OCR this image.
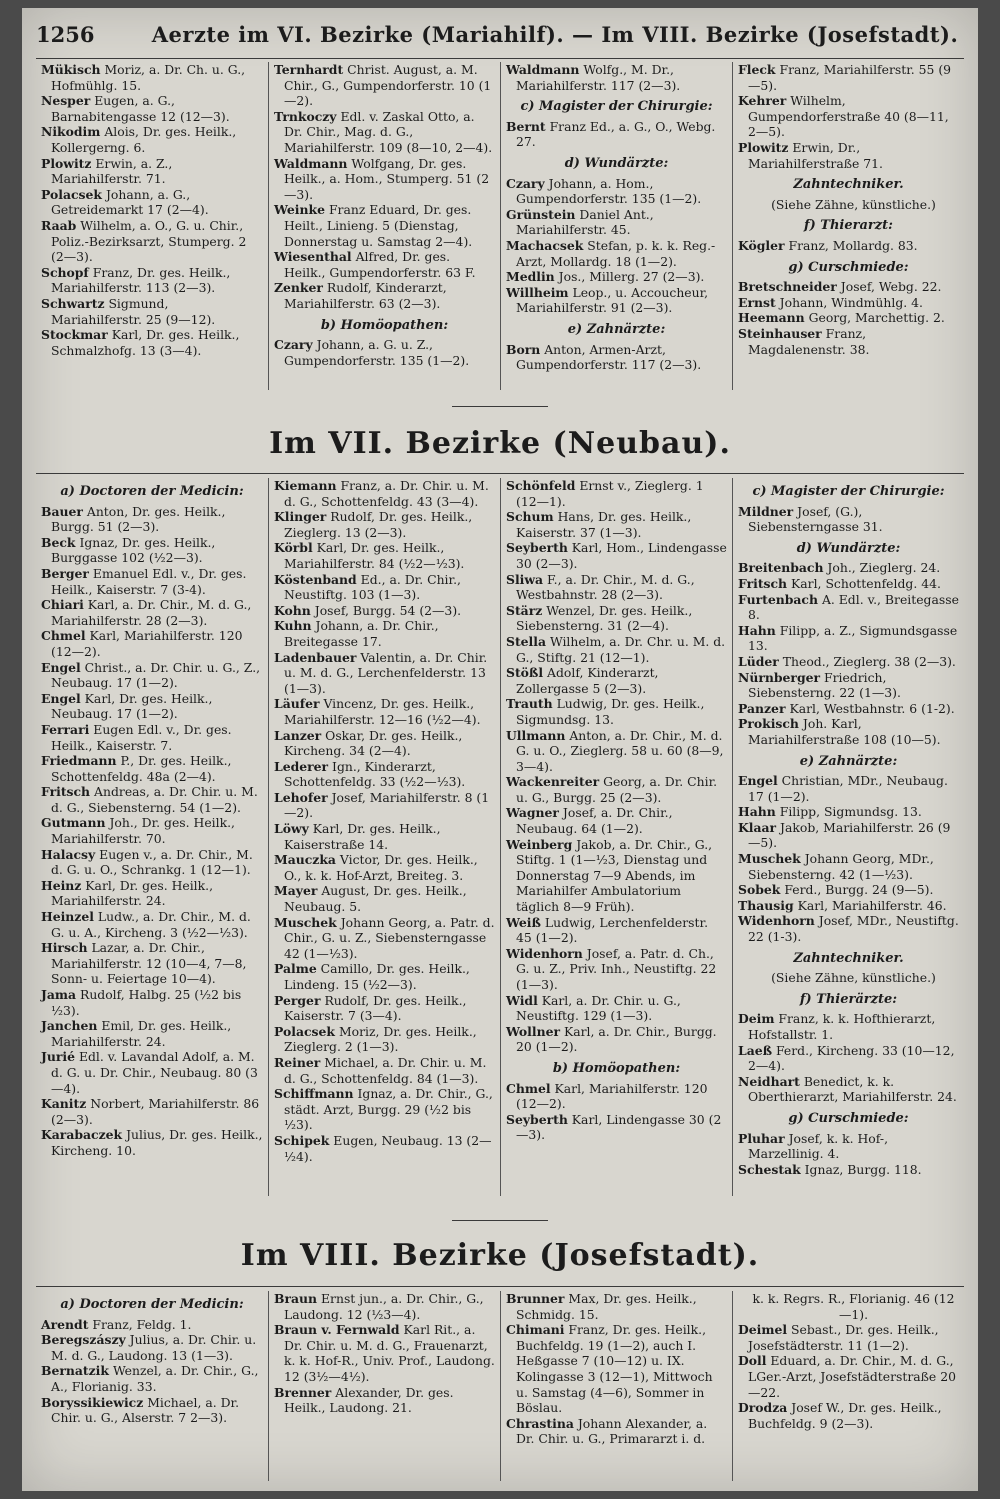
1256	Aerzte im VI. Bezirke (Mariahilf). — Im VIII. Bezirke (Josefstadt).
Mükisch Moriz, a. Dr. Ch. u. G., Hofmühlg. 15.
Nesper Eugen, a. G., Barnabitengasse 12 (12—3).
Nikodim Alois, Dr. ges. Heilk., Kollergerng. 6.
Plowitz Erwin, a. Z., Mariahilferstr. 71.
Polacsek Johann, a. G., Getreidemarkt 17 (2—4).
Raab Wilhelm, a. O., G. u. Chir., Poliz.-Bezirksarzt, Stumperg. 2 (2—3).
Schopf Franz, Dr. ges. Heilk., Mariahilferstr. 113 (2—3).
Schwartz Sigmund, Mariahilferstr. 25 (9—12).
Stockmar Karl, Dr. ges. Heilk., Schmalzhofg. 13 (3—4).
Ternhardt Christ. August, a. M. Chir., G., Gumpendorferstr. 10 (1—2).
Trnkoczy Edl. v. Zaskal Otto, a. Dr. Chir., Mag. d. G., Mariahilferstr. 109 (8—10, 2—4).
Waldmann Wolfgang, Dr. ges. Heilk., a. Hom., Stumperg. 51 (2—3).
Weinke Franz Eduard, Dr. ges. Heilt., Linieng. 5 (Dienstag, Donnerstag u. Samstag 2—4).
Wiesenthal Alfred, Dr. ges. Heilk., Gumpendorferstr. 63 F.
Zenker Rudolf, Kinderarzt, Mariahilferstr. 63 (2—3).
b) Homöopathen:
Czary Johann, a. G. u. Z., Gumpendorferstr. 135 (1—2).
Waldmann Wolfg., M. Dr., Mariahilferstr. 117 (2—3).
c) Magister der Chirurgie:
Bernt Franz Ed., a. G., O., Webg. 27.
d) Wundärzte:
Czary Johann, a. Hom., Gumpendorferstr. 135 (1—2).
Grünstein Daniel Ant., Mariahilferstr. 45.
Machacsek Stefan, p. k. k. Reg.-Arzt, Mollardg. 18 (1—2).
Medlin Jos., Millerg. 27 (2—3).
Willheim Leop., u. Accoucheur, Mariahilferstr. 91 (2—3).
e) Zahnärzte:
Born Anton, Armen-Arzt, Gumpendorferstr. 117 (2—3).
Fleck Franz, Mariahilferstr. 55 (9—5).
Kehrer Wilhelm, Gumpendorferstraße 40 (8—11, 2—5).
Plowitz Erwin, Dr., Mariahilferstraße 71.
Zahntechniker.
(Siehe Zähne, künstliche.)
f) Thierarzt:
Kögler Franz, Mollardg. 83.
g) Curschmiede:
Bretschneider Josef, Webg. 22.
Ernst Johann, Windmühlg. 4.
Heemann Georg, Marchettig. 2.
Steinhauser Franz, Magdalenenstr. 38.
Im VII. Bezirke (Neubau).
a) Doctoren der Medicin:
Bauer Anton, Dr. ges. Heilk., Burgg. 51 (2—3).
Beck Ignaz, Dr. ges. Heilk., Burggasse 102 (½2—3).
Berger Emanuel Edl. v., Dr. ges. Heilk., Kaiserstr. 7 (3-4).
Chiari Karl, a. Dr. Chir., M. d. G., Mariahilferstr. 28 (2—3).
Chmel Karl, Mariahilferstr. 120 (12—2).
Engel Christ., a. Dr. Chir. u. G., Z., Neubaug. 17 (1—2).
Engel Karl, Dr. ges. Heilk., Neubaug. 17 (1—2).
Ferrari Eugen Edl. v., Dr. ges. Heilk., Kaiserstr. 7.
Friedmann P., Dr. ges. Heilk., Schottenfeldg. 48a (2—4).
Fritsch Andreas, a. Dr. Chir. u. M. d. G., Siebensterng. 54 (1—2).
Gutmann Joh., Dr. ges. Heilk., Mariahilferstr. 70.
Halacsy Eugen v., a. Dr. Chir., M. d. G. u. O., Schrankg. 1 (12—1).
Heinz Karl, Dr. ges. Heilk., Mariahilferstr. 24.
Heinzel Ludw., a. Dr. Chir., M. d. G. u. A., Kircheng. 3 (½2—½3).
Hirsch Lazar, a. Dr. Chir., Mariahilferstr. 12 (10—4, 7—8, Sonn- u. Feiertage 10—4).
Jama Rudolf, Halbg. 25 (½2 bis ½3).
Janchen Emil, Dr. ges. Heilk., Mariahilferstr. 24.
Jurié Edl. v. Lavandal Adolf, a. M. d. G. u. Dr. Chir., Neubaug. 80 (3—4).
Kanitz Norbert, Mariahilferstr. 86 (2—3).
Karabaczek Julius, Dr. ges. Heilk., Kircheng. 10.
Kiemann Franz, a. Dr. Chir. u. M. d. G., Schottenfeldg. 43 (3—4).
Klinger Rudolf, Dr. ges. Heilk., Zieglerg. 13 (2—3).
Körbl Karl, Dr. ges. Heilk., Mariahilferstr. 84 (½2—½3).
Köstenband Ed., a. Dr. Chir., Neustiftg. 103 (1—3).
Kohn Josef, Burgg. 54 (2—3).
Kuhn Johann, a. Dr. Chir., Breitegasse 17.
Ladenbauer Valentin, a. Dr. Chir. u. M. d. G., Lerchenfelderstr. 13 (1—3).
Läufer Vincenz, Dr. ges. Heilk., Mariahilferstr. 12—16 (½2—4).
Lanzer Oskar, Dr. ges. Heilk., Kircheng. 34 (2—4).
Lederer Ign., Kinderarzt, Schottenfeldg. 33 (½2—½3).
Lehofer Josef, Mariahilferstr. 8 (1—2).
Löwy Karl, Dr. ges. Heilk., Kaiserstraße 14.
Mauczka Victor, Dr. ges. Heilk., O., k. k. Hof-Arzt, Breiteg. 3.
Mayer August, Dr. ges. Heilk., Neubaug. 5.
Muschek Johann Georg, a. Patr. d. Chir., G. u. Z., Siebensterngasse 42 (1—½3).
Palme Camillo, Dr. ges. Heilk., Lindeng. 15 (½2—3).
Perger Rudolf, Dr. ges. Heilk., Kaiserstr. 7 (3—4).
Polacsek Moriz, Dr. ges. Heilk., Zieglerg. 2 (1—3).
Reiner Michael, a. Dr. Chir. u. M. d. G., Schottenfeldg. 84 (1—3).
Schiffmann Ignaz, a. Dr. Chir., G., städt. Arzt, Burgg. 29 (½2 bis ½3).
Schipek Eugen, Neubaug. 13 (2—½4).
Schönfeld Ernst v., Zieglerg. 1 (12—1).
Schum Hans, Dr. ges. Heilk., Kaiserstr. 37 (1—3).
Seyberth Karl, Hom., Lindengasse 30 (2—3).
Sliwa F., a. Dr. Chir., M. d. G., Westbahnstr. 28 (2—3).
Stärz Wenzel, Dr. ges. Heilk., Siebensterng. 31 (2—4).
Stella Wilhelm, a. Dr. Chr. u. M. d. G., Stiftg. 21 (12—1).
Stößl Adolf, Kinderarzt, Zollergasse 5 (2—3).
Trauth Ludwig, Dr. ges. Heilk., Sigmundsg. 13.
Ullmann Anton, a. Dr. Chir., M. d. G. u. O., Zieglerg. 58 u. 60 (8—9, 3—4).
Wackenreiter Georg, a. Dr. Chir. u. G., Burgg. 25 (2—3).
Wagner Josef, a. Dr. Chir., Neubaug. 64 (1—2).
Weinberg Jakob, a. Dr. Chir., G., Stiftg. 1 (1—½3, Dienstag und Donnerstag 7—9 Abends, im Mariahilfer Ambulatorium täglich 8—9 Früh).
Weiß Ludwig, Lerchenfelderstr. 45 (1—2).
Widenhorn Josef, a. Patr. d. Ch., G. u. Z., Priv. Inh., Neustiftg. 22 (1—3).
Widl Karl, a. Dr. Chir. u. G., Neustiftg. 129 (1—3).
Wollner Karl, a. Dr. Chir., Burgg. 20 (1—2).
b) Homöopathen:
Chmel Karl, Mariahilferstr. 120 (12—2).
Seyberth Karl, Lindengasse 30 (2—3).
c) Magister der Chirurgie:
Mildner Josef, (G.), Siebensterngasse 31.
d) Wundärzte:
Breitenbach Joh., Zieglerg. 24.
Fritsch Karl, Schottenfeldg. 44.
Furtenbach A. Edl. v., Breitegasse 8.
Hahn Filipp, a. Z., Sigmundsgasse 13.
Lüder Theod., Zieglerg. 38 (2—3).
Nürnberger Friedrich, Siebensterng. 22 (1—3).
Panzer Karl, Westbahnstr. 6 (1-2).
Prokisch Joh. Karl, Mariahilferstraße 108 (10—5).
e) Zahnärzte:
Engel Christian, MDr., Neubaug. 17 (1—2).
Hahn Filipp, Sigmundsg. 13.
Klaar Jakob, Mariahilferstr. 26 (9—5).
Muschek Johann Georg, MDr., Siebensterng. 42 (1—½3).
Sobek Ferd., Burgg. 24 (9—5).
Thausig Karl, Mariahilferstr. 46.
Widenhorn Josef, MDr., Neustiftg. 22 (1-3).
Zahntechniker.
(Siehe Zähne, künstliche.)
f) Thierärzte:
Deim Franz, k. k. Hofthierarzt, Hofstallstr. 1.
Laeß Ferd., Kircheng. 33 (10—12, 2—4).
Neidhart Benedict, k. k. Oberthierarzt, Mariahilferstr. 24.
g) Curschmiede:
Pluhar Josef, k. k. Hof-, Marzellinig. 4.
Schestak Ignaz, Burgg. 118.
Im VIII. Bezirke (Josefstadt).
a) Doctoren der Medicin:
Arendt Franz, Feldg. 1.
Beregszászy Julius, a. Dr. Chir. u. M. d. G., Laudong. 13 (1—3).
Bernatzik Wenzel, a. Dr. Chir., G., A., Florianig. 33.
Boryssikiewicz Michael, a. Dr. Chir. u. G., Alserstr. 7 2—3).
Braun Ernst jun., a. Dr. Chir., G., Laudong. 12 (½3—4).
Braun v. Fernwald Karl Rit., a. Dr. Chir. u. M. d. G., Frauenarzt, k. k. Hof-R., Univ. Prof., Laudong. 12 (3½—4½).
Brenner Alexander, Dr. ges. Heilk., Laudong. 21.
Brunner Max, Dr. ges. Heilk., Schmidg. 15.
Chimani Franz, Dr. ges. Heilk., Buchfeldg. 19 (1—2), auch I. Heßgasse 7 (10—12) u. IX. Kolingasse 3 (12—1), Mittwoch u. Samstag (4—6), Sommer in Böslau.
Chrastina Johann Alexander, a. Dr. Chir. u. G., Primararzt i. d.
k. k. Regrs. R., Florianig. 46 (12—1).
Deimel Sebast., Dr. ges. Heilk., Josefstädterstr. 11 (1—2).
Doll Eduard, a. Dr. Chir., M. d. G., LGer.-Arzt, Josefstädterstraße 20—22.
Drodza Josef W., Dr. ges. Heilk., Buchfeldg. 9 (2—3).
